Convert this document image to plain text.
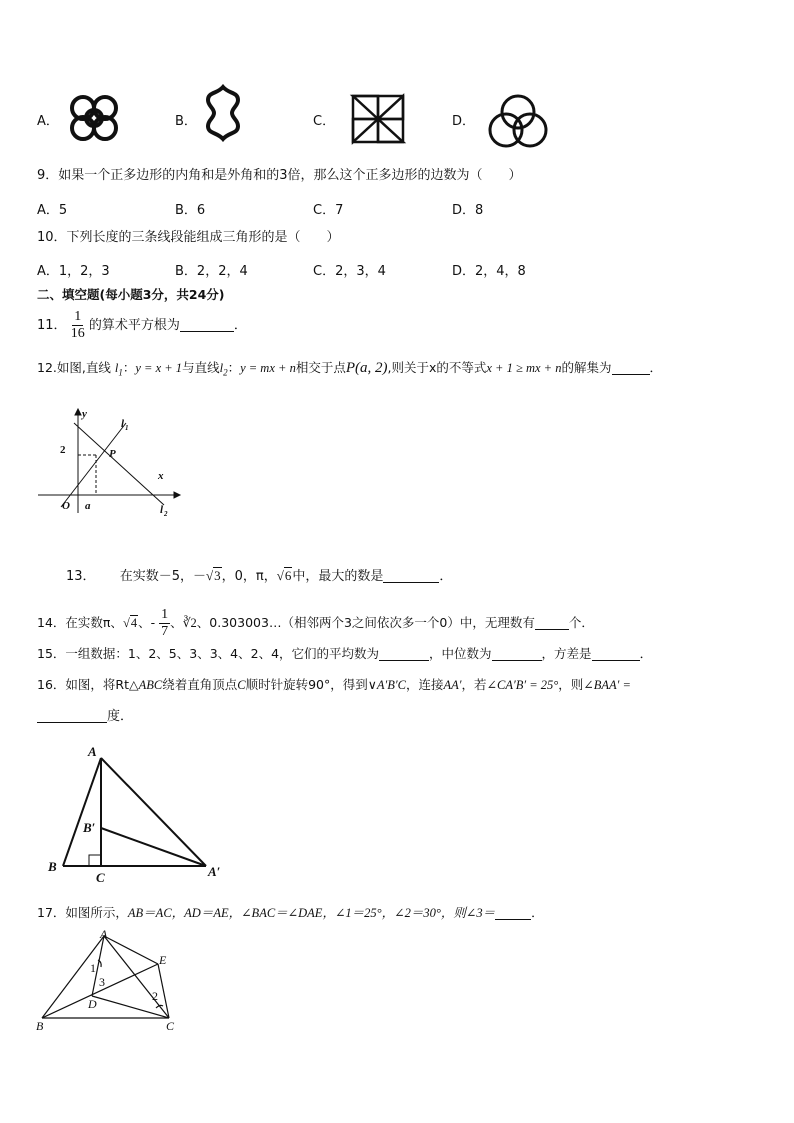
A．	B．	C．	D．
9．如果一个正多边形的内角和是外角和的3倍，那么这个正多边形的边数为（　　）
A．5	B．6	C．7	D．8
10．下列长度的三条线段能组成三角形的是（　　）
A．1，2，3	B．2，2，4	C．2，3，4	D．2，4，8
二、填空题(每小题3分，共24分)
11． $\frac{1}{16}$ 的算术平方根为	．
12.如图,直线 $l_1$：y = x + 1与直线$l_2$：y = mx + n相交于点P(a, 2),则关于x的不等式x + 1 ≥ mx + n的解集为	．
y
l 1
2	P
x
O a	l 2
13． 在实数－5，－√3，0，π，√6中，最大的数是	．
14．在实数π、√4、- $\frac{1}{7}$ 、∛2、0.303003…（相邻两个3之间依次多一个0）中，无理数有	个．
15．一组数据：1、2、5、3、3、4、2、4，它们的平均数为	，中位数为	，方差是	．
16．如图，将Rt△ABC绕着直角顶点C顺时针旋转90°，得到∨A′B′C，连接AA′，若∠CA′B′ = 25°，则∠BAA′ =
度．
A
B′
B
C	A′
17．如图所示，AB＝AC，AD＝AE，∠BAC＝∠DAE，∠1＝25°，∠2＝30°，则∠3＝	．
A
E
1
3
D
2
B	C
